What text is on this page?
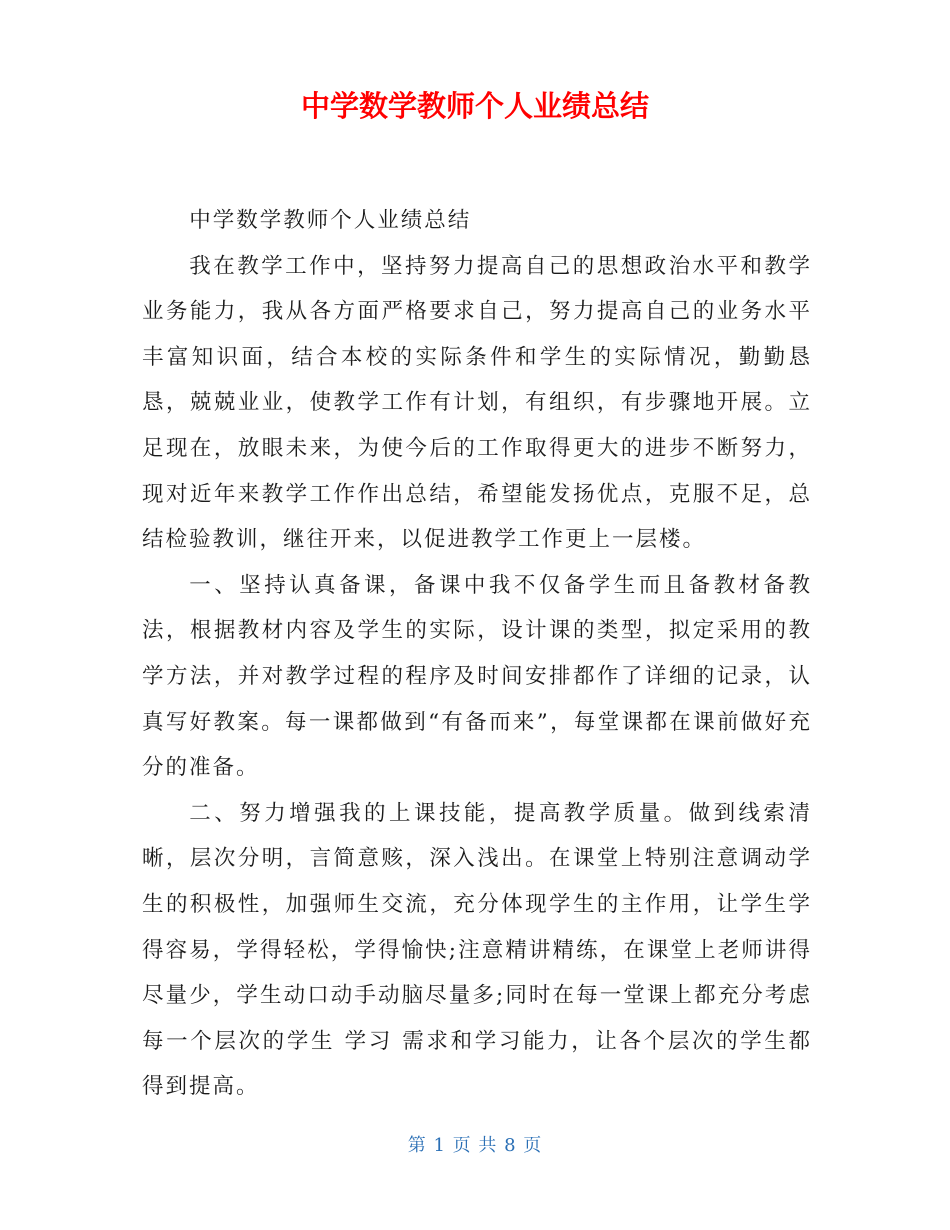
中学数学教师个人业绩总结

中学数学教师个人业绩总结

我在教学工作中，坚持努力提高自己的思想政治水平和教学业务能力，我从各方面严格要求自己，努力提高自己的业务水平丰富知识面，结合本校的实际条件和学生的实际情况，勤勤恳恳，兢兢业业，使教学工作有计划，有组织，有步骤地开展。立足现在，放眼未来，为使今后的工作取得更大的进步不断努力，现对近年来教学工作作出总结，希望能发扬优点，克服不足，总结检验教训，继往开来，以促进教学工作更上一层楼。

一、坚持认真备课，备课中我不仅备学生而且备教材备教法，根据教材内容及学生的实际，设计课的类型，拟定采用的教学方法，并对教学过程的程序及时间安排都作了详细的记录，认真写好教案。每一课都做到“有备而来”，每堂课都在课前做好充分的准备。

二、努力增强我的上课技能，提高教学质量。做到线索清晰，层次分明，言简意赅，深入浅出。在课堂上特别注意调动学生的积极性，加强师生交流，充分体现学生的主作用，让学生学得容易，学得轻松，学得愉快;注意精讲精练，在课堂上老师讲得尽量少，学生动口动手动脑尽量多;同时在每一堂课上都充分考虑每一个层次的学生 学习 需求和学习能力，让各个层次的学生都得到提高。

第 1 页 共 8 页
